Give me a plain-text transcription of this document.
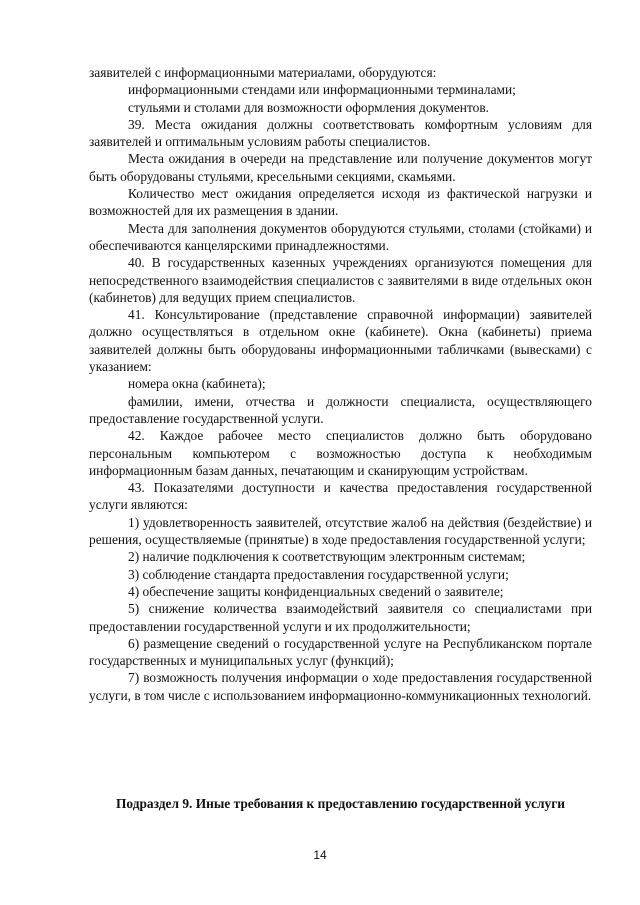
заявителей с информационными материалами, оборудуются:

информационными стендами или информационными терминалами;

стульями и столами для возможности оформления документов.

39. Места ожидания должны соответствовать комфортным условиям для заявителей и оптимальным условиям работы специалистов.

Места ожидания в очереди на представление или получение документов могут быть оборудованы стульями, кресельными секциями, скамьями.

Количество мест ожидания определяется исходя из фактической нагрузки и возможностей для их размещения в здании.

Места для заполнения документов оборудуются стульями, столами (стойками) и обеспечиваются канцелярскими принадлежностями.

40. В государственных казенных учреждениях организуются помещения для непосредственного взаимодействия специалистов с заявителями в виде отдельных окон (кабинетов) для ведущих прием специалистов.

41. Консультирование (представление справочной информации) заявителей должно осуществляться в отдельном окне (кабинете). Окна (кабинеты) приема заявителей должны быть оборудованы информационными табличками (вывесками) с указанием:

номера окна (кабинета);

фамилии, имени, отчества и должности специалиста, осуществляющего предоставление государственной услуги.

42. Каждое рабочее место специалистов должно быть оборудовано персональным компьютером с возможностью доступа к необходимым информационным базам данных, печатающим и сканирующим устройствам.

43. Показателями доступности и качества предоставления государственной услуги являются:

1) удовлетворенность заявителей, отсутствие жалоб на действия (бездействие) и решения, осуществляемые (принятые) в ходе предоставления государственной услуги;

2) наличие подключения к соответствующим электронным системам;

3) соблюдение стандарта предоставления государственной услуги;

4) обеспечение защиты конфиденциальных сведений о заявителе;

5) снижение количества взаимодействий заявителя со специалистами при предоставлении государственной услуги и их продолжительности;

6) размещение сведений о государственной услуге на Республиканском портале государственных и муниципальных услуг (функций);

7) возможность получения информации о ходе предоставления государственной услуги, в том числе с использованием информационно-коммуникационных технологий.

Подраздел 9. Иные требования к предоставлению государственной услуги
14
